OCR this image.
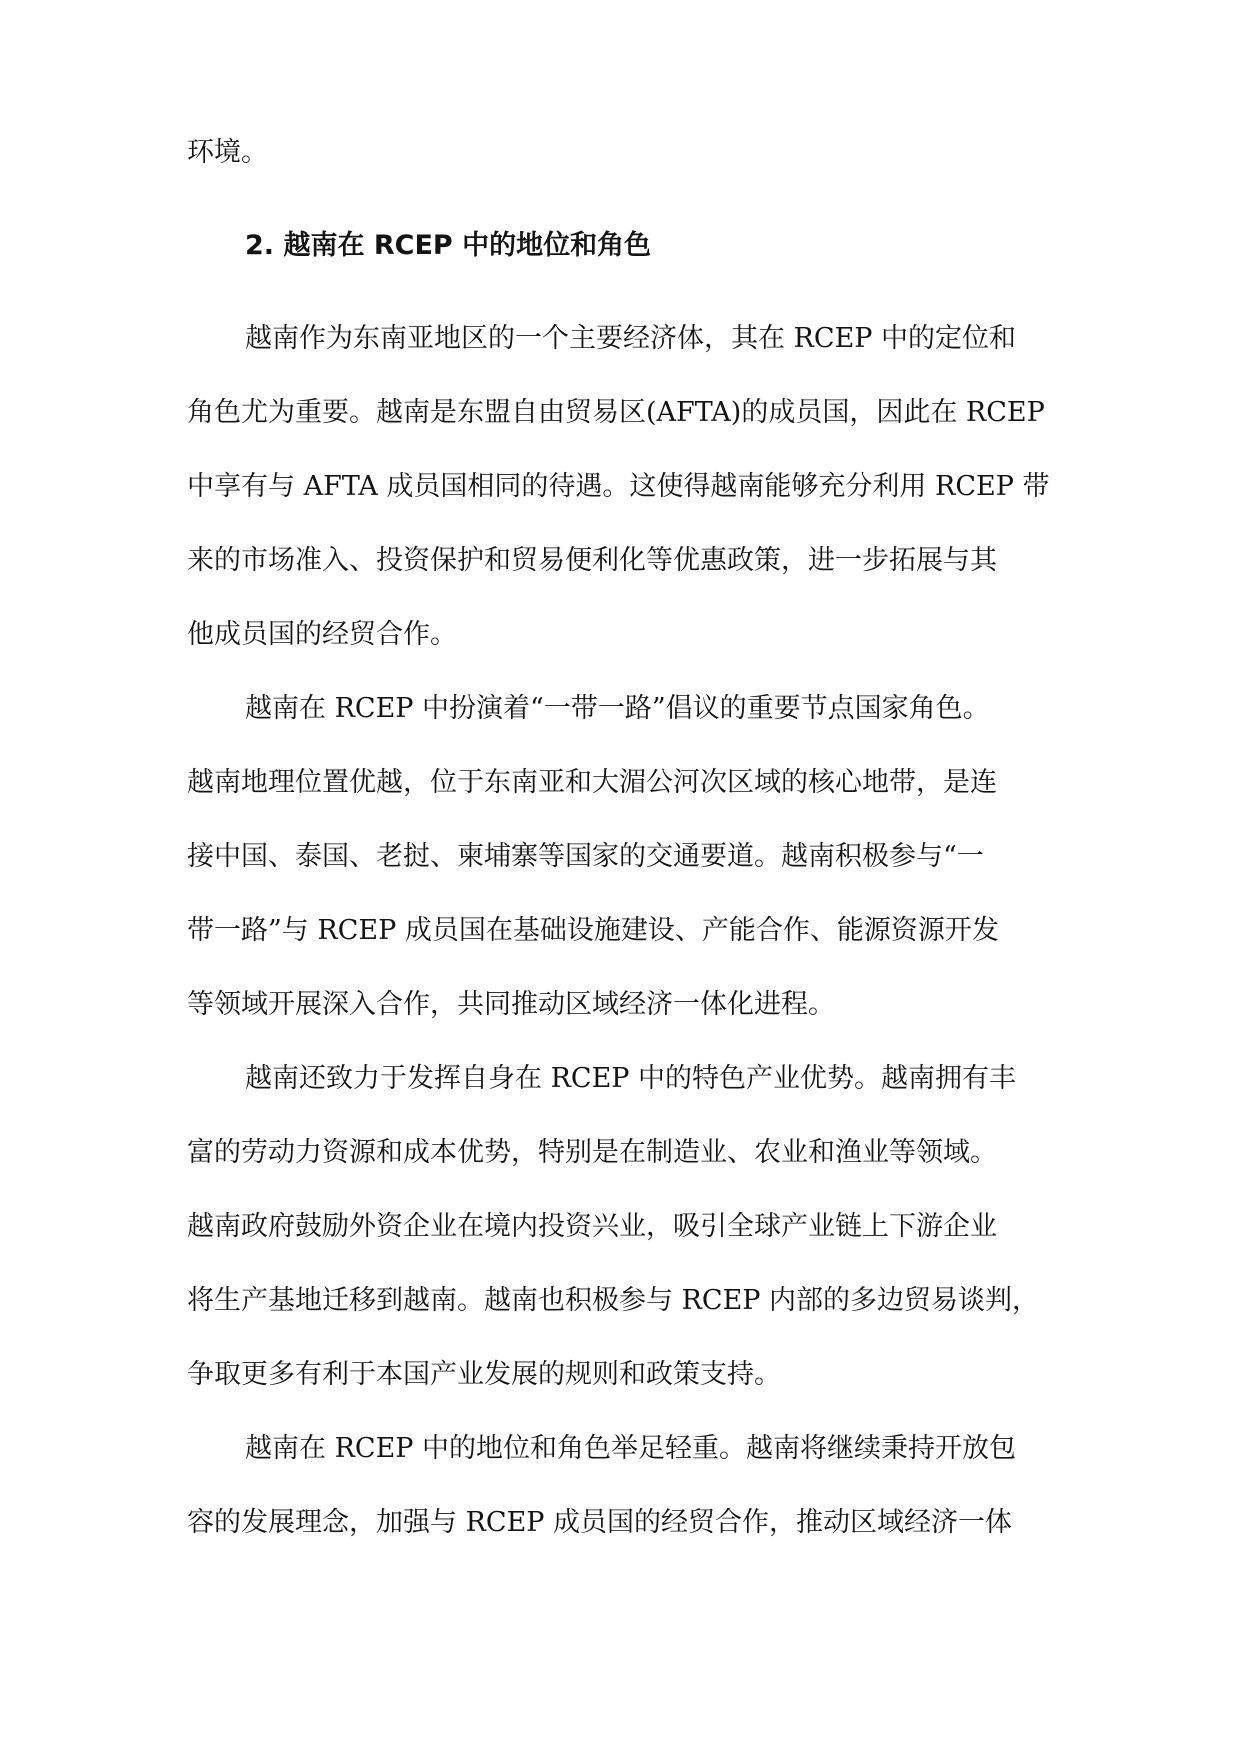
环境。

2. 越南在 RCEP 中的地位和角色

越南作为东南亚地区的一个主要经济体，其在 RCEP 中的定位和

角色尤为重要。越南是东盟自由贸易区(AFTA)的成员国，因此在 RCEP

中享有与 AFTA 成员国相同的待遇。这使得越南能够充分利用 RCEP 带

来的市场准入、投资保护和贸易便利化等优惠政策，进一步拓展与其

他成员国的经贸合作。

越南在 RCEP 中扮演着“一带一路”倡议的重要节点国家角色。

越南地理位置优越，位于东南亚和大湄公河次区域的核心地带，是连

接中国、泰国、老挝、柬埔寨等国家的交通要道。越南积极参与“一

带一路”与 RCEP 成员国在基础设施建设、产能合作、能源资源开发

等领域开展深入合作，共同推动区域经济一体化进程。

越南还致力于发挥自身在 RCEP 中的特色产业优势。越南拥有丰

富的劳动力资源和成本优势，特别是在制造业、农业和渔业等领域。

越南政府鼓励外资企业在境内投资兴业，吸引全球产业链上下游企业

将生产基地迁移到越南。越南也积极参与 RCEP 内部的多边贸易谈判，

争取更多有利于本国产业发展的规则和政策支持。

越南在 RCEP 中的地位和角色举足轻重。越南将继续秉持开放包

容的发展理念，加强与 RCEP 成员国的经贸合作，推动区域经济一体
